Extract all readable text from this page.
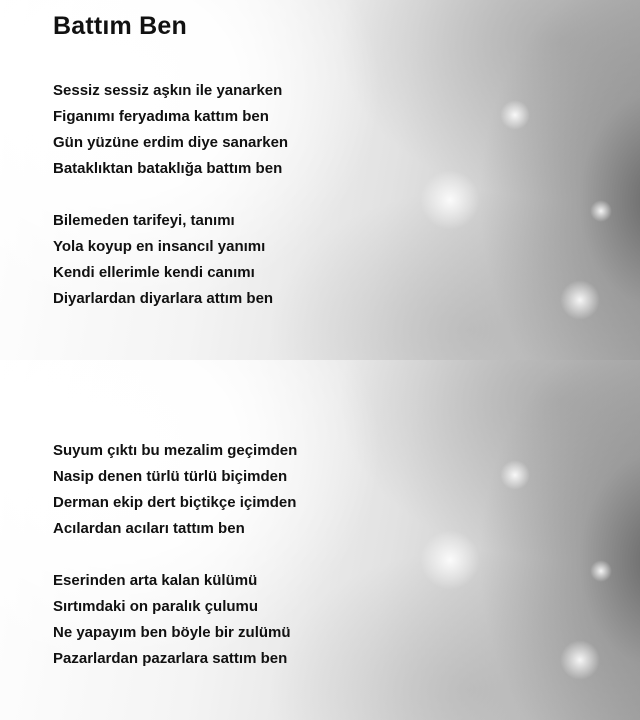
Battım Ben
Sessiz sessiz aşkın ile yanarken
Figanımı feryadıma kattım ben
Gün yüzüne erdim diye sanarken
Bataklıktan bataklığa battım ben
Bilemeden tarifeyi, tanımı
Yola koyup en insancıl yanımı
Kendi ellerimle kendi canımı
Diyarlardan diyarlara attım ben
Suyum çıktı bu mezalim geçimden
Nasip denen türlü türlü biçimden
Derman ekip dert biçtikçe içimden
Acılardan acıları tattım ben
Eserinden arta kalan külümü
Sırtımdaki on paralık çulumu
Ne yapayım ben böyle bir zulümü
Pazarlardan pazarlara sattım ben
